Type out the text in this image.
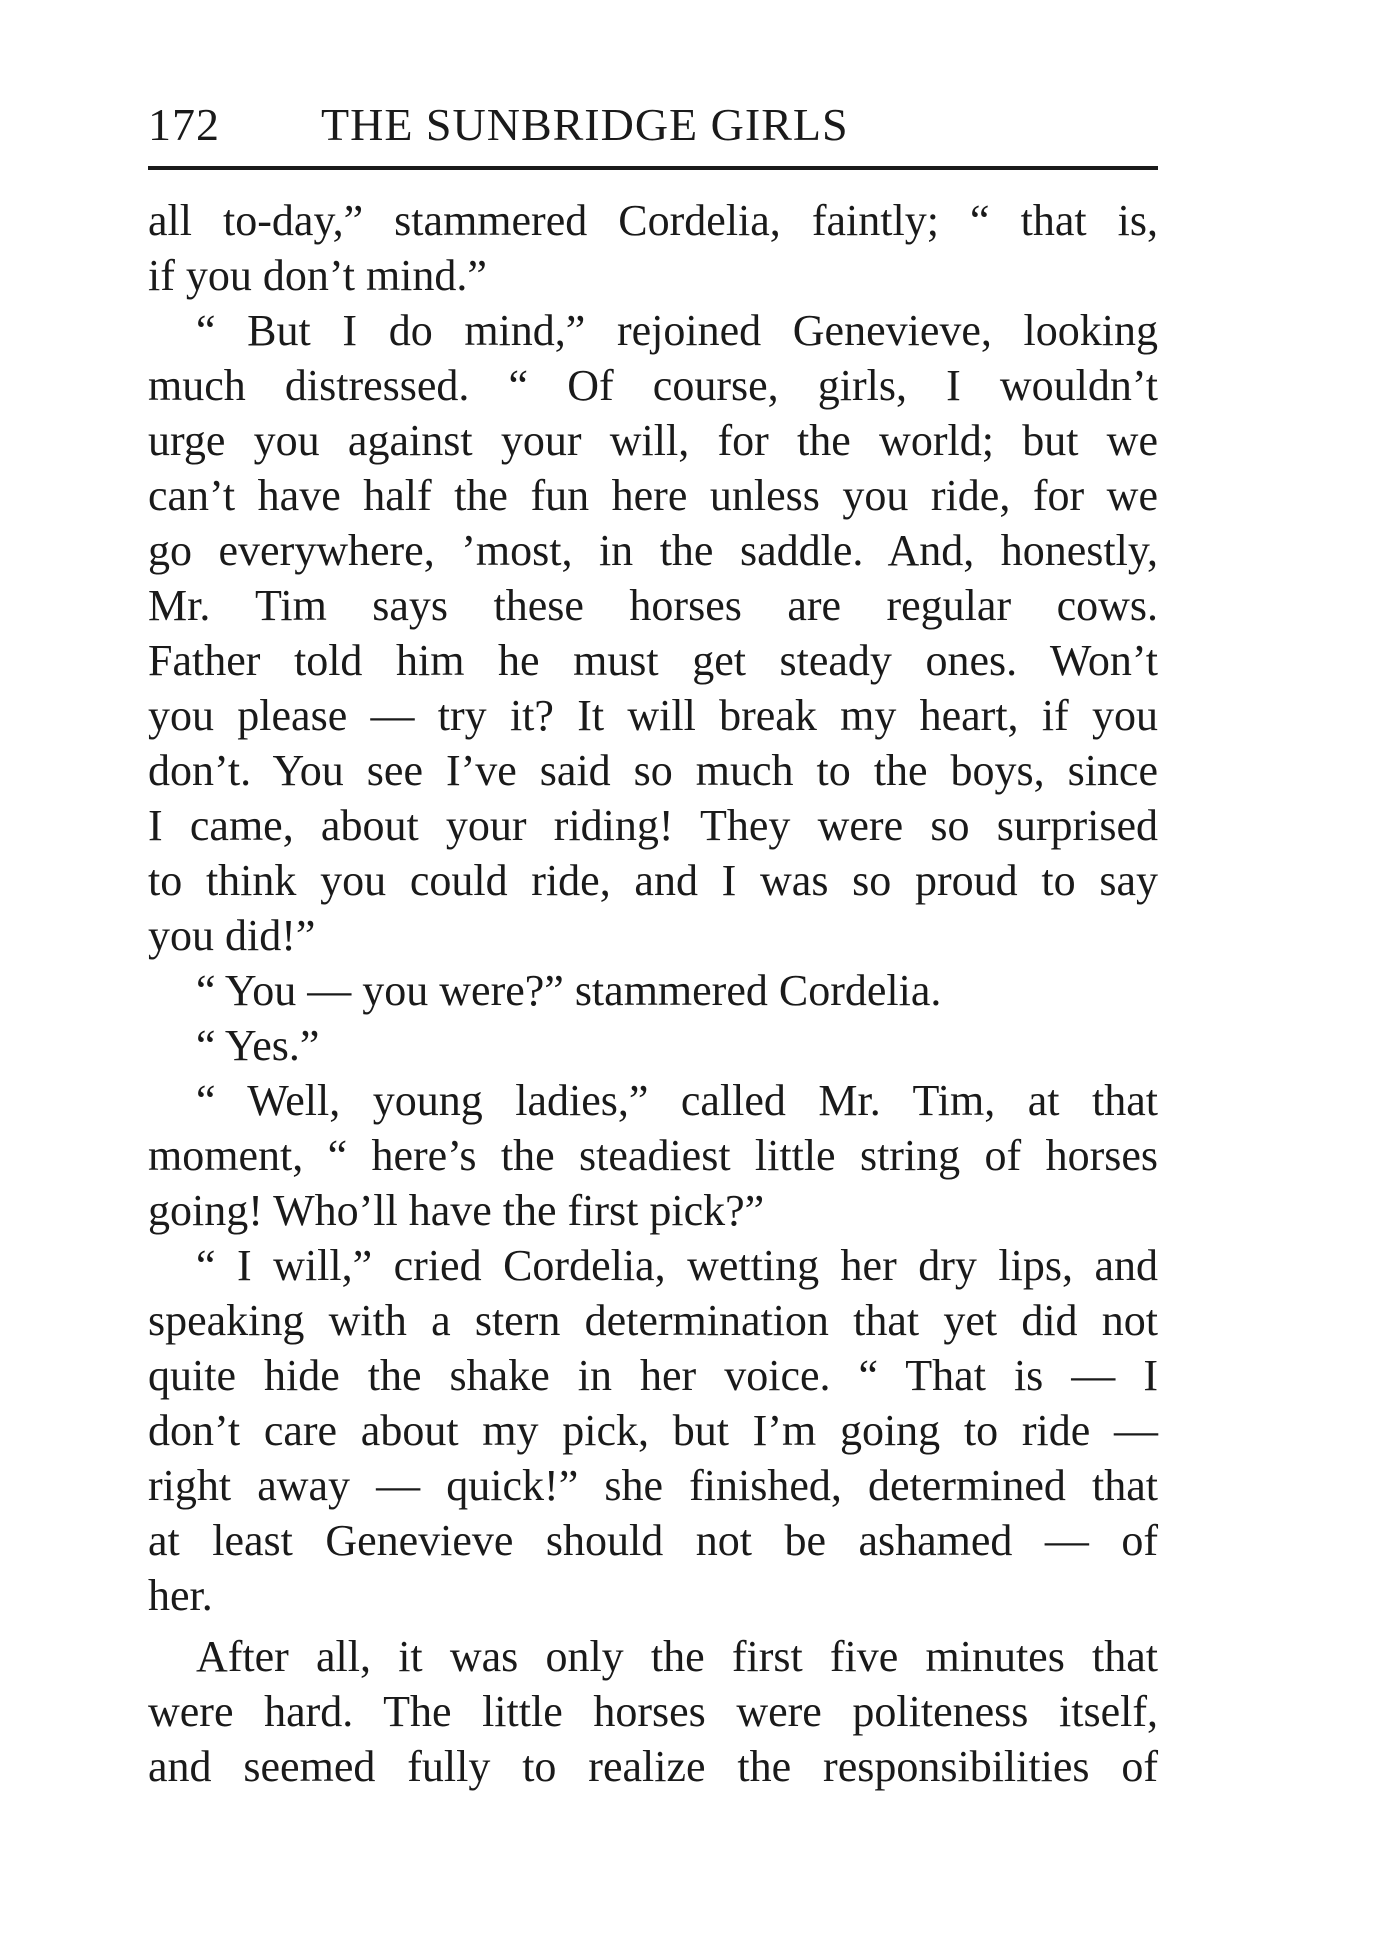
172 THE SUNBRIDGE GIRLS
all to-day,” stammered Cordelia, faintly; “ that is,
if you don’t mind.”
“ But I do mind,” rejoined Genevieve, looking
much distressed. “ Of course, girls, I wouldn’t
urge you against your will, for the world; but we
can’t have half the fun here unless you ride, for we
go everywhere, ’most, in the saddle. And, honestly,
Mr. Tim says these horses are regular cows.
Father told him he must get steady ones. Won’t
you please — try it? It will break my heart, if you
don’t. You see I’ve said so much to the boys, since
I came, about your riding! They were so surprised
to think you could ride, and I was so proud to say
you did!”
“ You — you were?” stammered Cordelia.
“ Yes.”
“ Well, young ladies,” called Mr. Tim, at that
moment, “ here’s the steadiest little string of horses
going! Who’ll have the first pick?”
“ I will,” cried Cordelia, wetting her dry lips, and
speaking with a stern determination that yet did not
quite hide the shake in her voice. “ That is — I
don’t care about my pick, but I’m going to ride —
right away — quick!” she finished, determined that
at least Genevieve should not be ashamed — of
her.
After all, it was only the first five minutes that
were hard. The little horses were politeness itself,
and seemed fully to realize the responsibilities of
